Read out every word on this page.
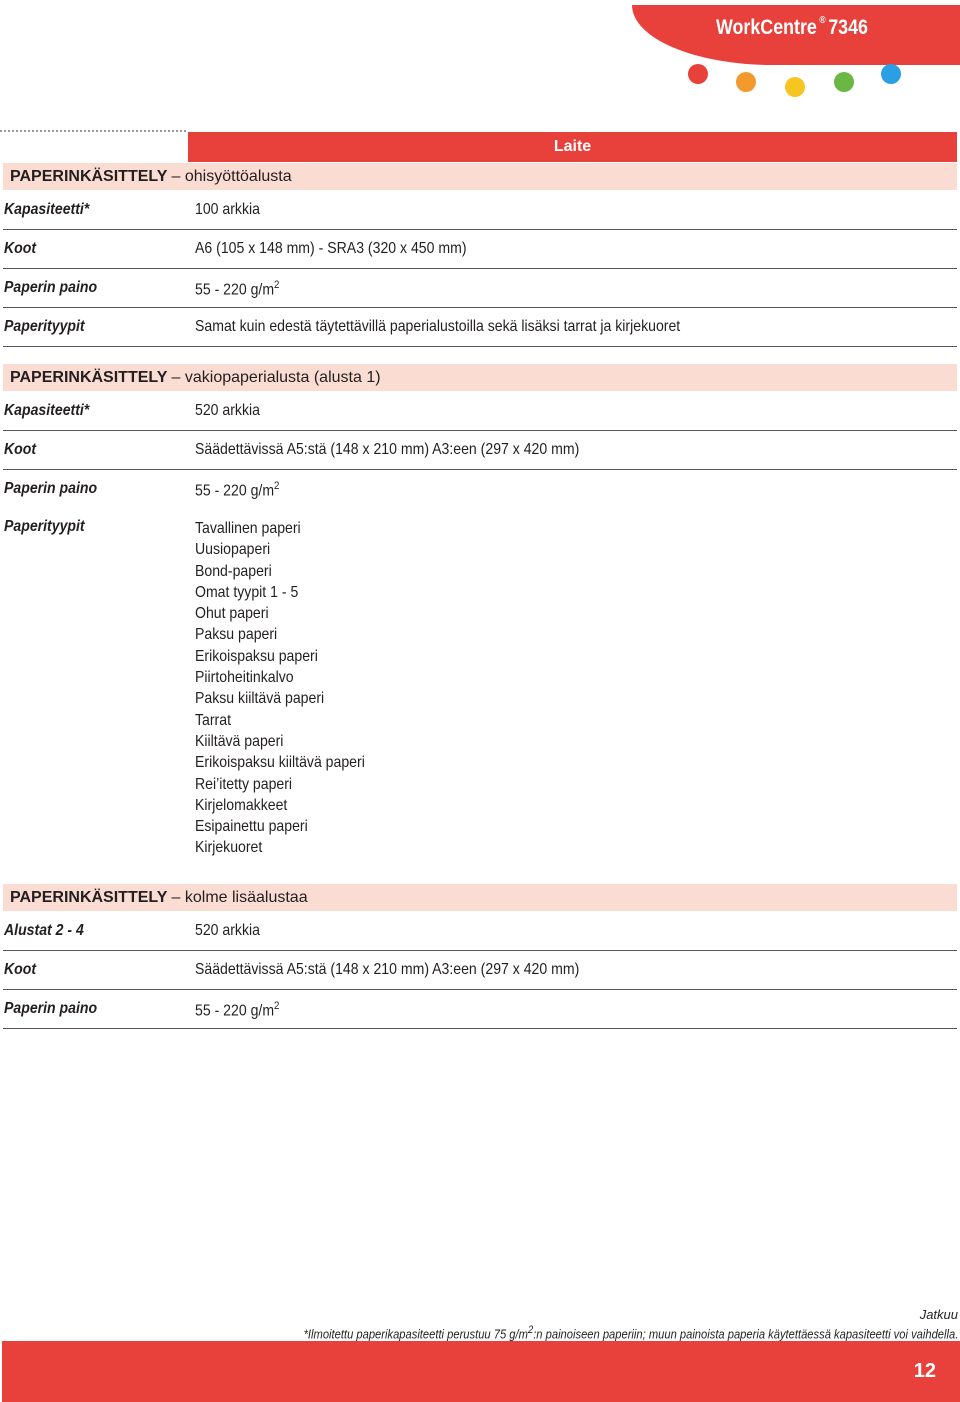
WorkCentre ® 7346
Laite
PAPERINKÄSITTELY – ohisyöttöalusta
Kapasiteetti*	100 arkkia
Koot	A6 (105 x 148 mm) - SRA3 (320 x 450 mm)
Paperin paino	55 - 220 $g/m^2$
Paperityypit	Samat kuin edestä täytettävillä paperialustoilla sekä lisäksi tarrat ja kirjekuoret
PAPERINKÄSITTELY – vakiopaperialusta (alusta 1)
Kapasiteetti*	520 arkkia
Koot	Säädettävissä A5:stä (148 x 210 mm) A3:een (297 x 420 mm)
Paperin paino	55 - 220 $g/m^2$
Paperityypit	Tavallinen paperi
Uusiopaperi
Bond-paperi
Omat tyypit 1 - 5
Ohut paperi
Paksu paperi
Erikoispaksu paperi
Piirtoheitinkalvo
Paksu kiiltävä paperi
Tarrat
Kiiltävä paperi
Erikoispaksu kiiltävä paperi
Rei’itetty paperi
Kirjelomakkeet
Esipainettu paperi
Kirjekuoret
PAPERINKÄSITTELY – kolme lisäalustaa
Alustat 2 - 4	520 arkkia
Koot	Säädettävissä A5:stä (148 x 210 mm) A3:een (297 x 420 mm)
Paperin paino	55 - 220 $g/m^2$
Jatkuu
*Ilmoitettu paperikapasiteetti perustuu 75 $g/m^2:n$ painoiseen paperiin; muun painoista paperia käytettäessä kapasiteetti voi vaihdella.
12
